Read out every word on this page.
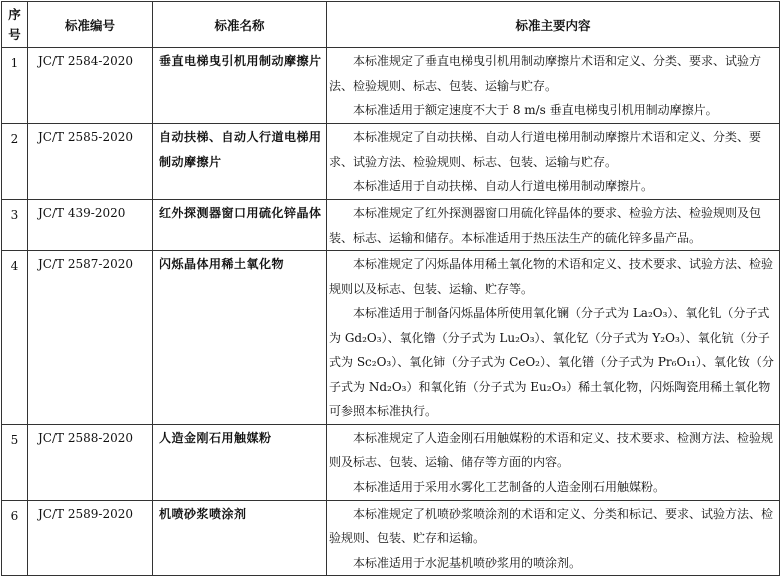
序
号	标准编号	标准名称	标准主要内容
1	JC/T 2584-2020	垂直电梯曳引机用制动摩擦片	本标准规定了垂直电梯曳引机用制动摩擦片术语和定义、分类、要求、试验方法、检验规则、标志、包装、运输与贮存。

本标准适用于额定速度不大于 8 m/s 垂直电梯曳引机用制动摩擦片。

2	JC/T 2585-2020	自动扶梯、自动人行道电梯用制动摩擦片	本标准规定了自动扶梯、自动人行道电梯用制动摩擦片术语和定义、分类、要求、试验方法、检验规则、标志、包装、运输与贮存。

本标准适用于自动扶梯、自动人行道电梯用制动摩擦片。

3	JC/T 439-2020	红外探测器窗口用硫化锌晶体	本标准规定了红外探测器窗口用硫化锌晶体的要求、检验方法、检验规则及包装、标志、运输和储存。本标准适用于热压法生产的硫化锌多晶产品。

4	JC/T 2587-2020	闪烁晶体用稀土氧化物	本标准规定了闪烁晶体用稀土氧化物的术语和定义、技术要求、试验方法、检验规则以及标志、包装、运输、贮存等。

本标准适用于制备闪烁晶体所使用氧化镧（分子式为 La₂O₃）、氧化钆（分子式为 Gd₂O₃）、氧化镥（分子式为 Lu₂O₃）、氧化钇（分子式为 Y₂O₃）、氧化钪（分子式为 Sc₂O₃）、氧化铈（分子式为 CeO₂）、氧化镨（分子式为 Pr₆O₁₁）、氧化钕（分子式为 Nd₂O₃）和氧化铕（分子式为 Eu₂O₃）稀土氧化物，闪烁陶瓷用稀土氧化物可参照本标准执行。

5	JC/T 2588-2020	人造金刚石用触媒粉	本标准规定了人造金刚石用触媒粉的术语和定义、技术要求、检测方法、检验规则及标志、包装、运输、储存等方面的内容。

本标准适用于采用水雾化工艺制备的人造金刚石用触媒粉。

6	JC/T 2589-2020	机喷砂浆喷涂剂	本标准规定了机喷砂浆喷涂剂的术语和定义、分类和标记、要求、试验方法、检验规则、包装、贮存和运输。

本标准适用于水泥基机喷砂浆用的喷涂剂。
